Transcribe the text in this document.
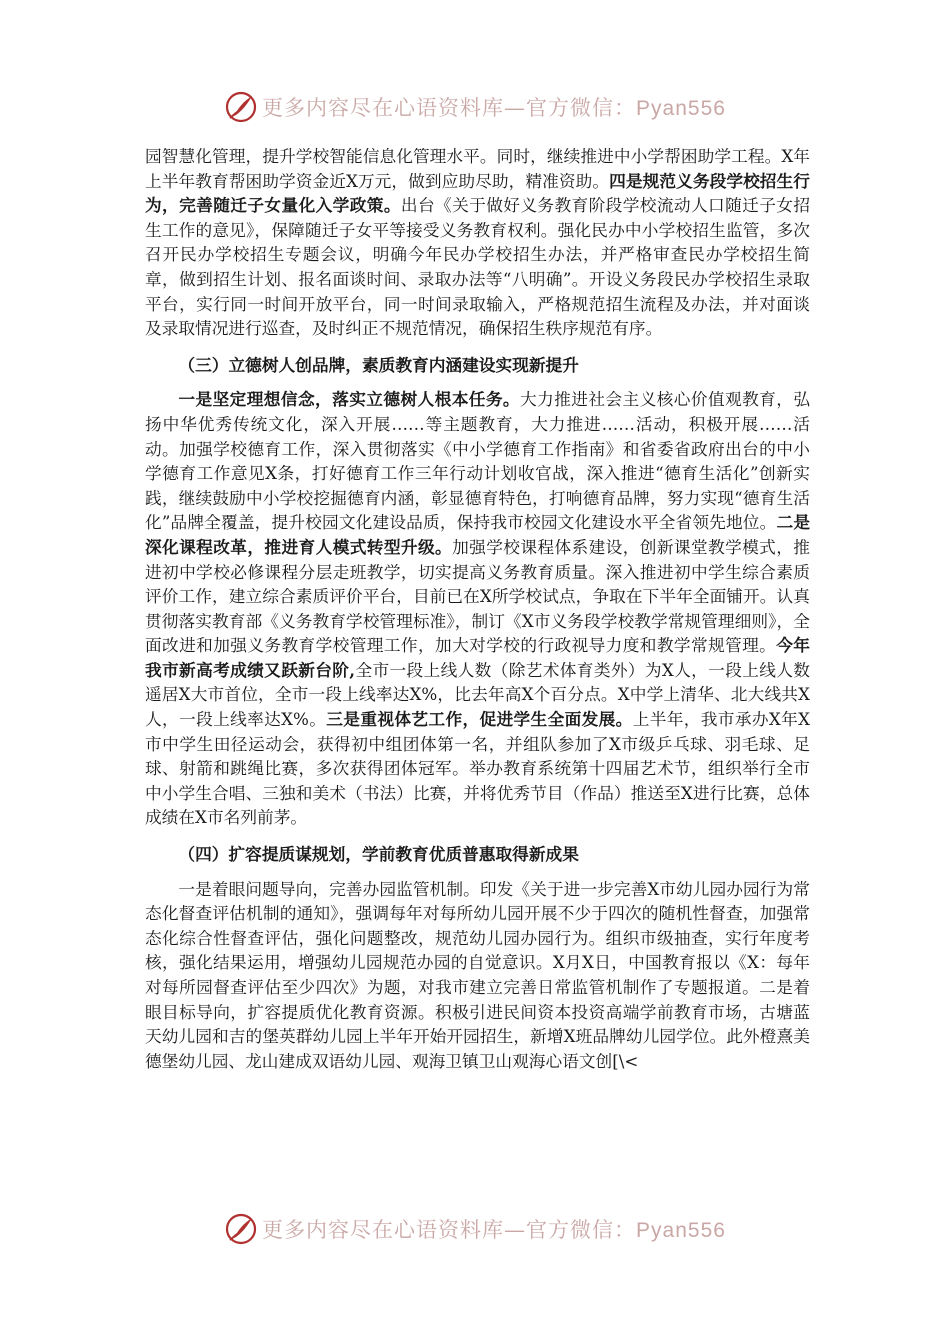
更多内容尽在心语资料库—官方微信：Pyan556

园智慧化管理，提升学校智能信息化管理水平。同时，继续推进中小学帮困助学工程。X年上半年教育帮困助学资金近X万元，做到应助尽助，精准资助。四是规范义务段学校招生行为，完善随迁子女量化入学政策。出台《关于做好义务教育阶段学校流动人口随迁子女招生工作的意见》，保障随迁子女平等接受义务教育权利。强化民办中小学校招生监管，多次召开民办学校招生专题会议，明确今年民办学校招生办法，并严格审查民办学校招生简章，做到招生计划、报名面谈时间、录取办法等“八明确”。开设义务段民办学校招生录取平台，实行同一时间开放平台，同一时间录取输入，严格规范招生流程及办法，并对面谈及录取情况进行巡查，及时纠正不规范情况，确保招生秩序规范有序。

（三）立德树人创品牌，素质教育内涵建设实现新提升

一是坚定理想信念，落实立德树人根本任务。大力推进社会主义核心价值观教育，弘扬中华优秀传统文化，深入开展……等主题教育，大力推进……活动，积极开展……活动。加强学校德育工作，深入贯彻落实《中小学德育工作指南》和省委省政府出台的中小学德育工作意见X条，打好德育工作三年行动计划收官战，深入推进“德育生活化”创新实践，继续鼓励中小学校挖掘德育内涵，彰显德育特色，打响德育品牌，努力实现“德育生活化”品牌全覆盖，提升校园文化建设品质，保持我市校园文化建设水平全省领先地位。二是深化课程改革，推进育人模式转型升级。加强学校课程体系建设，创新课堂教学模式，推进初中学校必修课程分层走班教学，切实提高义务教育质量。深入推进初中学生综合素质评价工作，建立综合素质评价平台，目前已在X所学校试点，争取在下半年全面铺开。认真贯彻落实教育部《义务教育学校管理标准》，制订《X市义务段学校教学常规管理细则》，全面改进和加强义务教育学校管理工作，加大对学校的行政视导力度和教学常规管理。今年我市新高考成绩又跃新台阶,全市一段上线人数（除艺术体育类外）为X人，一段上线人数遥居X大市首位，全市一段上线率达X%，比去年高X个百分点。X中学上清华、北大线共X人，一段上线率达X%。三是重视体艺工作，促进学生全面发展。上半年，我市承办X年X市中学生田径运动会，获得初中组团体第一名，并组队参加了X市级乒乓球、羽毛球、足球、射箭和跳绳比赛，多次获得团体冠军。举办教育系统第十四届艺术节，组织举行全市中小学生合唱、三独和美术（书法）比赛，并将优秀节目（作品）推送至X进行比赛，总体成绩在X市名列前茅。

（四）扩容提质谋规划，学前教育优质普惠取得新成果

一是着眼问题导向，完善办园监管机制。印发《关于进一步完善X市幼儿园办园行为常态化督查评估机制的通知》，强调每年对每所幼儿园开展不少于四次的随机性督查，加强常态化综合性督查评估，强化问题整改，规范幼儿园办园行为。组织市级抽查，实行年度考核，强化结果运用，增强幼儿园规范办园的自觉意识。X月X日，中国教育报以《X：每年对每所园督查评估至少四次》为题，对我市建立完善日常监管机制作了专题报道。二是着眼目标导向，扩容提质优化教育资源。积极引进民间资本投资高端学前教育市场，古塘蓝天幼儿园和吉的堡英群幼儿园上半年开始开园招生，新增X班品牌幼儿园学位。此外橙熹美德堡幼儿园、龙山建成双语幼儿园、观海卫镇卫山观海心语文创[\<

更多内容尽在心语资料库—官方微信：Pyan556
